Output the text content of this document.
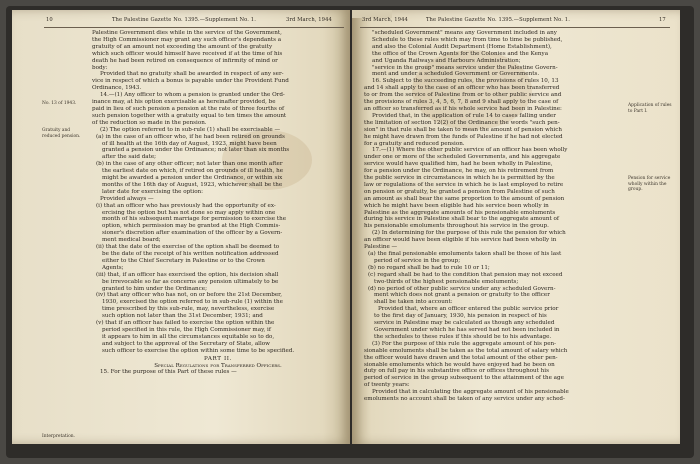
10	The Palestine Gazette No. 1395.—Supplement No. 1.	3rd March, 1944
No. 13 of 1943.
Gratuity and reduced pension.
Interpretation.

Palestine Government dies while in the service of the Government,

the High Commissioner may grant any such officer's dependants a

gratuity of an amount not exceeding the amount of the gratuity

which such officer would himself have received if at the time of his

death he had been retired on consequence of infirmity of mind or

body:

Provided that no gratuity shall be awarded in respect of any ser-

vice in respect of which a bonus is payable under the Provident Fund

Ordinance, 1943.

14.—(1) Any officer to whom a pension is granted under the Ord-

inance may, at his option exercisable as hereinafter provided, be

paid in lieu of such pension a pension at the rate of three fourths of

such pension together with a gratuity equal to ten times the amount

of the reduction so made in the pension.

(2) The option referred to in sub-rule (1) shall be exercisable —

(a) in the case of an officer who, if he had been retired on grounds

of ill health at the 16th day of August, 1923, might have been

granted a pension under the Ordinance; not later than six months

after the said date;

(b) in the case of any other officer; not later than one month after

the earliest date on which, if retired on grounds of ill health, he

might be awarded a pension under the Ordinance, or within six

months of the 16th day of August, 1923, whichever shall be the

later date for exercising the option:

Provided always —

(i) that an officer who has previously had the opportunity of ex-

ercising the option but has not done so may apply within one

month of his subsequent marriage for permission to exercise the

option, which permission may be granted at the High Commis-

sioner's discretion after examination of the officer by a Govern-

ment medical board;

(ii) that the date of the exercise of the option shall be deemed to

be the date of the receipt of his written notification addressed

either to the Chief Secretary in Palestine or to the Crown

Agents;

(iii) that, if an officer has exercised the option, his decision shall

be irrevocable so far as concerns any pension ultimately to be

granted to him under the Ordinance;

(iv) that any officer who has not, on or before the 21st December,

1930, exercised the option referred to in sub-rule (1) within the

time prescribed by this sub-rule, may, nevertheless, exercise

such option not later than the 31st December, 1931; and

(v) that if an officer has failed to exercise the option within the

period specified in this rule, the High Commissioner may, if

it appears to him in all the circumstances equitable so to do,

and subject to the approval of the Secretary of State, allow

such officer to exercise the option within some time to be specified.

PART II.

Special Regulations for Transferred Officers.

15. For the purpose of this Part of these rules —

3rd March, 1944	The Palestine Gazette No. 1395.—Supplement No. 1.	17
Application of rules to Part I.
Pension for service wholly within the group.

"scheduled Government" means any Government included in any

Schedule to these rules which may from time to time be published,

and also the Colonial Audit Department (Home Establishment),

the office of the Crown Agents for the Colonies and the Kenya

and Uganda Railways and Harbours Administration;

"service in the group" means service under the Palestine Govern-

ment and under a scheduled Government or Governments.

16. Subject to the succeeding rules, the provisions of rules 10, 13

and 14 shall apply to the case of an officer who has been transferred

to or from the service of Palestine from or to other public service and

the provisions of rules 3, 4, 5, 6, 7, 8 and 9 shall apply to the case of

an officer so transferred as if his whole service had been in Palestine:

Provided that, in the application of rule 14 to cases falling under

the limitation of section 12(2) of the Ordinance the words "such pen-

sion" in that rule shall be taken to mean the amount of pension which

he might have drawn from the funds of Palestine if he had not elected

for a gratuity and reduced pension.

17.—(1) Where the other public service of an officer has been wholly

under one or more of the scheduled Governments, and his aggregate

service would have qualified him, had he been wholly in Palestine,

for a pension under the Ordinance, he may, on his retirement from

the public service in circumstances in which he is permitted by the

law or regulations of the service in which he is last employed to retire

on pension or gratuity, be granted a pension from Palestine of such

an amount as shall bear the same proportion to the amount of pension

which he might have been eligible had his service been wholly in

Palestine as the aggregate amounts of his pensionable emoluments

during his service in Palestine shall bear to the aggregate amount of

his pensionable emoluments throughout his service in the group.

(2) In determining for the purpose of this rule the pension for which

an officer would have been eligible if his service had been wholly in

Palestine —

(a) the final pensionable emoluments taken shall be those of his last

period of service in the group;

(b) no regard shall be had to rule 10 or 11;

(c) regard shall be had to the condition that pension may not exceed

two-thirds of the highest pensionable emoluments;

(d) no period of other public service under any scheduled Govern-

ment which does not grant a pension or gratuity to the officer

shall be taken into account:

Provided that, where an officer entered the public service prior

to the first day of January, 1930, his pension in respect of his

service in Palestine may be calculated as though any scheduled

Government under which he has served had not been included in

the schedules to these rules if this should be to his advantage.

(3) For the purpose of this rule the aggregate amount of his pen-

sionable emoluments shall be taken as the total amount of salary which

the officer would have drawn and the total amount of the other pen-

sionable emoluments which he would have enjoyed had he been on

duty on full pay in his substantive office or offices throughout his

period of service in the group subsequent to the attainment of the age

of twenty years:

Provided that in calculating the aggregate amount of his pensionable

emoluments no account shall be taken of any service under any sched-
